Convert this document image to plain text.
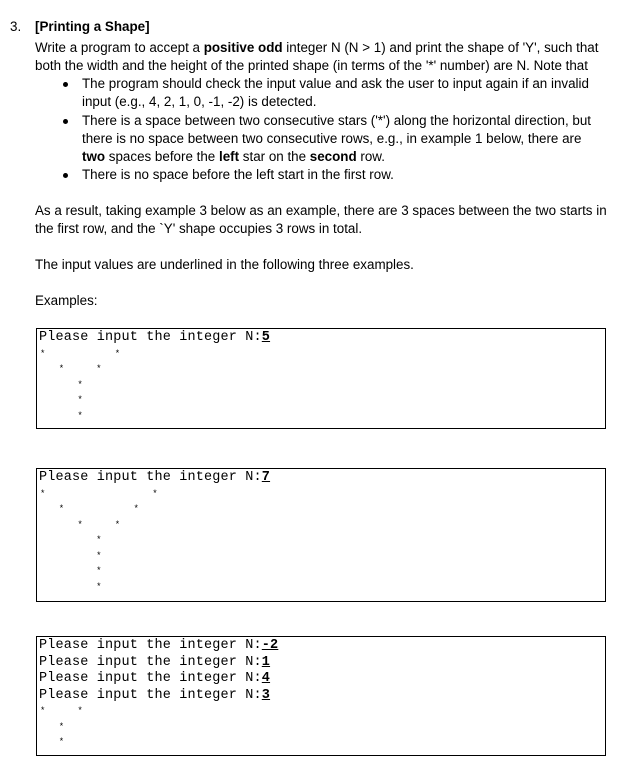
3. [Printing a Shape]
Write a program to accept a positive odd integer N (N > 1) and print the shape of 'Y', such that
both the width and the height of the printed shape (in terms of the '*' number) are N. Note that
The program should check the input value and ask the user to input again if an invalid
input (e.g., 4, 2, 1, 0, -1, -2) is detected.
There is a space between two consecutive stars ('*') along the horizontal direction, but
there is no space between two consecutive rows, e.g., in example 1 below, there are
two spaces before the left star on the second row.
There is no space before the left start in the first row.
As a result, taking example 3 below as an example, there are 3 spaces between the two starts in
the first row, and the `Y' shape occupies 3 rows in total.
The input values are underlined in the following three examples.
Examples:
Please input the integer N:5
*	*
*	*
*
*
*
Please input the integer N:7
*	*
*	*
*	*
*
*
*
*
Please input the integer N:-2
Please input the integer N:1
Please input the integer N:4
Please input the integer N:3
*	*
*
*
